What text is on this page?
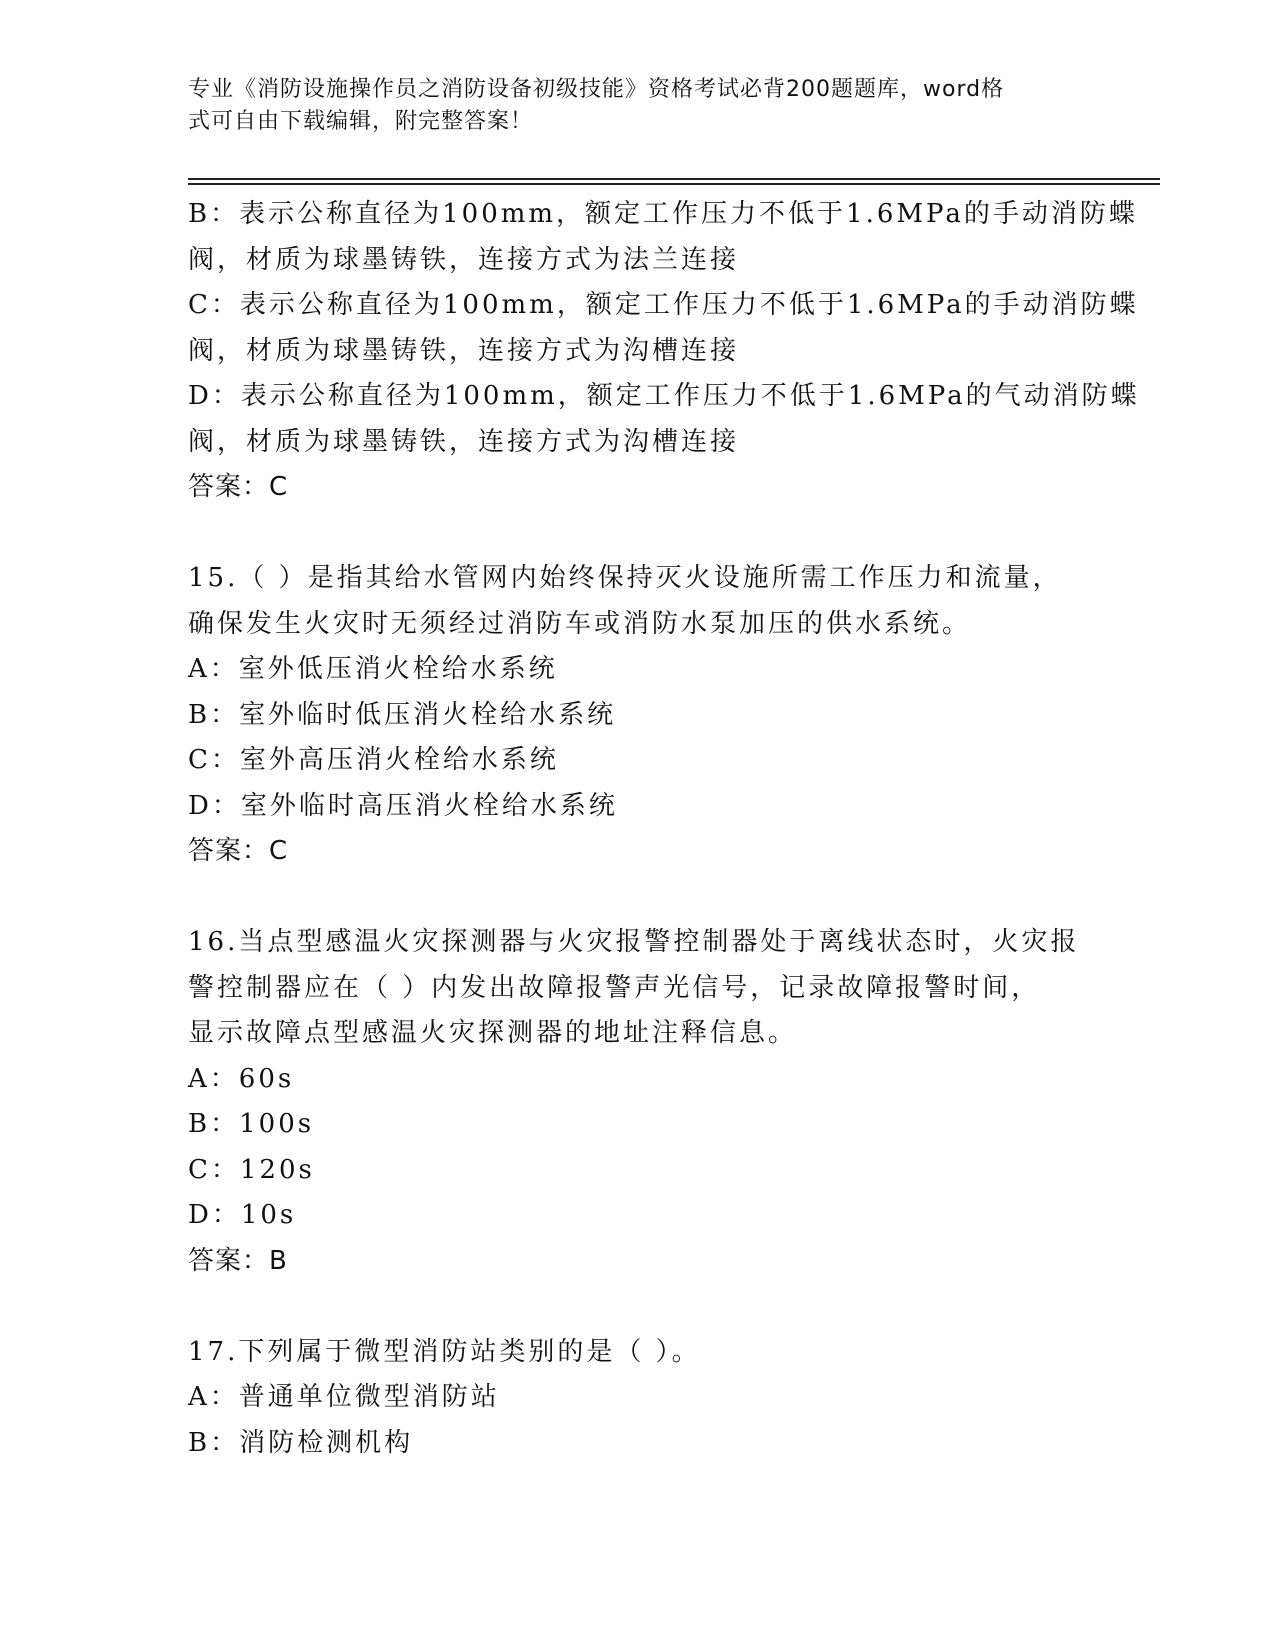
专业《消防设施操作员之消防设备初级技能》资格考试必背200题题库，word格
式可自由下载编辑，附完整答案！
B：表示公称直径为100mm，额定工作压力不低于1.6MPa的手动消防蝶
阀，材质为球墨铸铁，连接方式为法兰连接
C：表示公称直径为100mm，额定工作压力不低于1.6MPa的手动消防蝶
阀，材质为球墨铸铁，连接方式为沟槽连接
D：表示公称直径为100mm，额定工作压力不低于1.6MPa的气动消防蝶
阀，材质为球墨铸铁，连接方式为沟槽连接
答案：C
15.（ ）是指其给水管网内始终保持灭火设施所需工作压力和流量，
确保发生火灾时无须经过消防车或消防水泵加压的供水系统。
A：室外低压消火栓给水系统
B：室外临时低压消火栓给水系统
C：室外高压消火栓给水系统
D：室外临时高压消火栓给水系统
答案：C
16.当点型感温火灾探测器与火灾报警控制器处于离线状态时，火灾报
警控制器应在（ ）内发出故障报警声光信号，记录故障报警时间，
显示故障点型感温火灾探测器的地址注释信息。
A：60s
B：100s
C：120s
D：10s
答案：B
17.下列属于微型消防站类别的是（ ）。
A：普通单位微型消防站
B：消防检测机构
